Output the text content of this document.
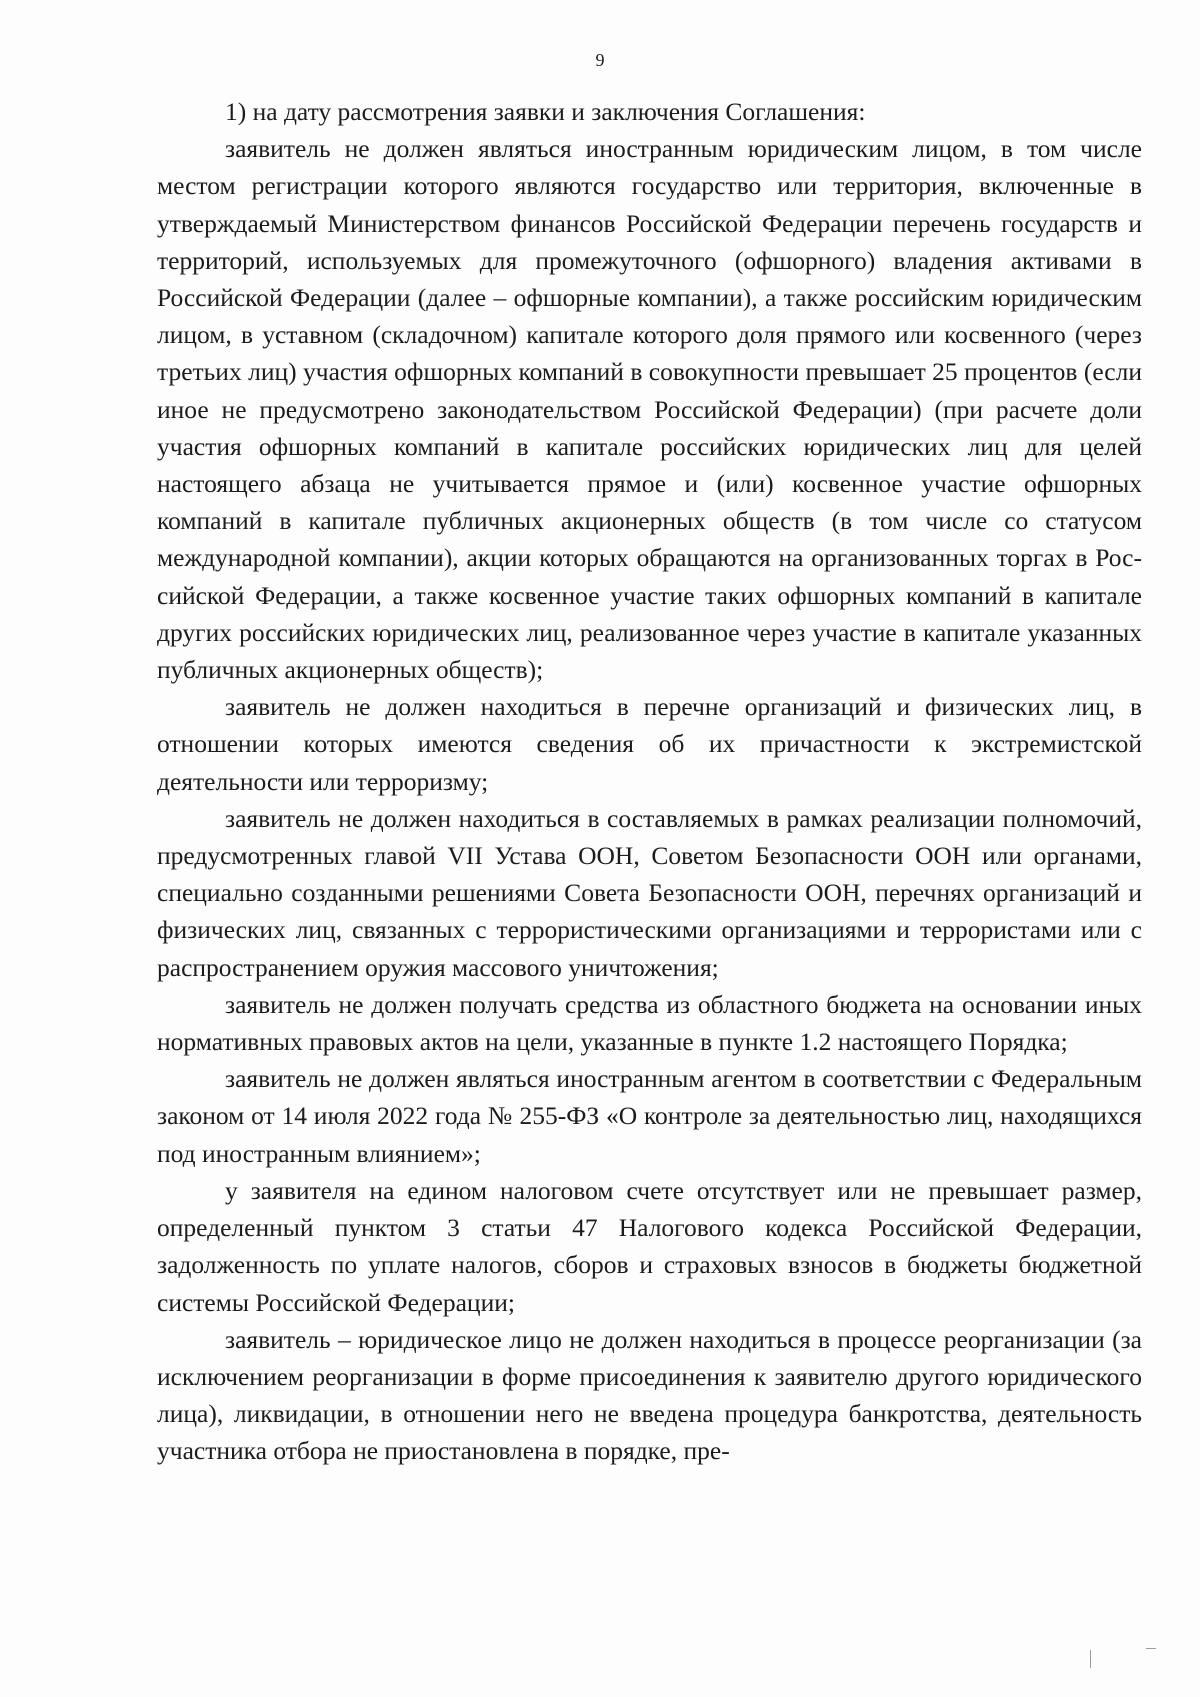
9

1) на дату рассмотрения заявки и заключения Соглашения:

заявитель не должен являться иностранным юридическим лицом, в том числе местом регистрации которого являются государство или территория, включенные в утверждаемый Министерством финансов Российской Федерации перечень государств и территорий, используемых для промежуточного (офшорного) владения активами в Российской Федерации (далее – офшорные компании), а также российским юридическим лицом, в уставном (складочном) капитале которого доля прямого или косвенного (через третьих лиц) участия офшорных компаний в совокупности превышает 25 процентов (если иное не предусмотрено законодательством Российской Федерации) (при расчете доли участия офшорных компаний в капитале российских юридических лиц для целей настоящего абзаца не учитывается прямое и (или) косвенное участие офшорных компаний в капитале публичных акционерных обществ (в том числе со статусом международной компании), акции которых обращаются на организованных торгах в Российской Федерации, а также косвенное участие таких офшорных компаний в капитале других российских юридических лиц, реализованное через участие в капитале указанных публичных акционерных обществ);

заявитель не должен находиться в перечне организаций и физических лиц, в отношении которых имеются сведения об их причастности к экстремистской деятельности или терроризму;

заявитель не должен находиться в составляемых в рамках реализации полномочий, предусмотренных главой VII Устава ООН, Советом Безопасности ООН или органами, специально созданными решениями Совета Безопасности ООН, перечнях организаций и физических лиц, связанных с террористическими организациями и террористами или с распространением оружия массового уничтожения;

заявитель не должен получать средства из областного бюджета на основании иных нормативных правовых актов на цели, указанные в пункте 1.2 настоящего Порядка;

заявитель не должен являться иностранным агентом в соответствии с Федеральным законом от 14 июля 2022 года № 255-ФЗ «О контроле за деятельностью лиц, находящихся под иностранным влиянием»;

у заявителя на едином налоговом счете отсутствует или не превышает размер, определенный пунктом 3 статьи 47 Налогового кодекса Российской Федерации, задолженность по уплате налогов, сборов и страховых взносов в бюджеты бюджетной системы Российской Федерации;

заявитель – юридическое лицо не должен находиться в процессе реорганизации (за исключением реорганизации в форме присоединения к заявителю другого юридического лица), ликвидации, в отношении него не введена процедура банкротства, деятельность участника отбора не приостановлена в порядке, пре-
